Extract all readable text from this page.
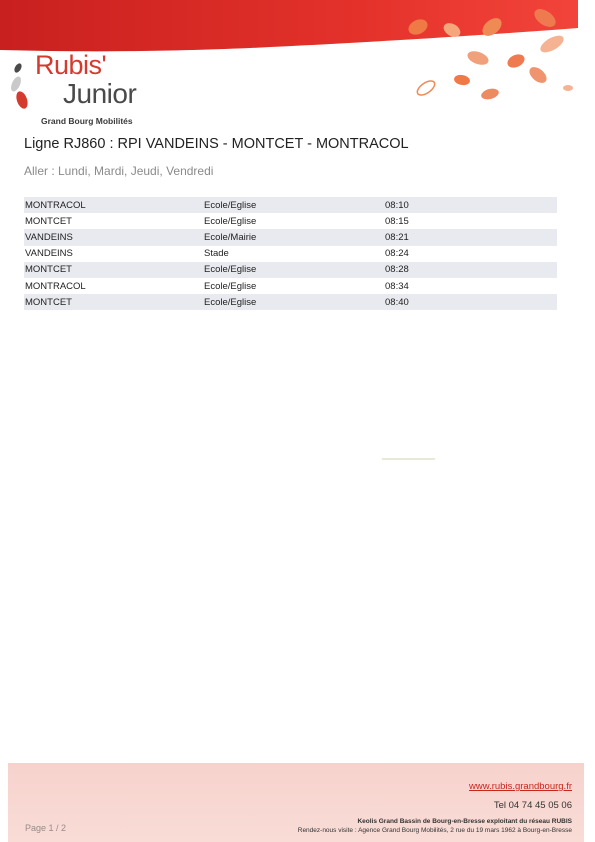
Rubis'
Junior
Grand Bourg Mobilités
Ligne RJ860 : RPI VANDEINS - MONTCET - MONTRACOL
Aller : Lundi, Mardi, Jeudi, Vendredi
MONTRACOL	Ecole/Eglise	08:10
MONTCET	Ecole/Eglise	08:15
VANDEINS	Ecole/Mairie	08:21
VANDEINS	Stade	08:24
MONTCET	Ecole/Eglise	08:28
MONTRACOL	Ecole/Eglise	08:34
MONTCET	Ecole/Eglise	08:40
www.rubis.grandbourg.fr
Tel 04 74 45 05 06
Keolis Grand Bassin de Bourg-en-Bresse exploitant du réseau RUBIS
Rendez-nous visite : Agence Grand Bourg Mobilités, 2 rue du 19 mars 1962 à Bourg-en-Bresse
Page 1 / 2
